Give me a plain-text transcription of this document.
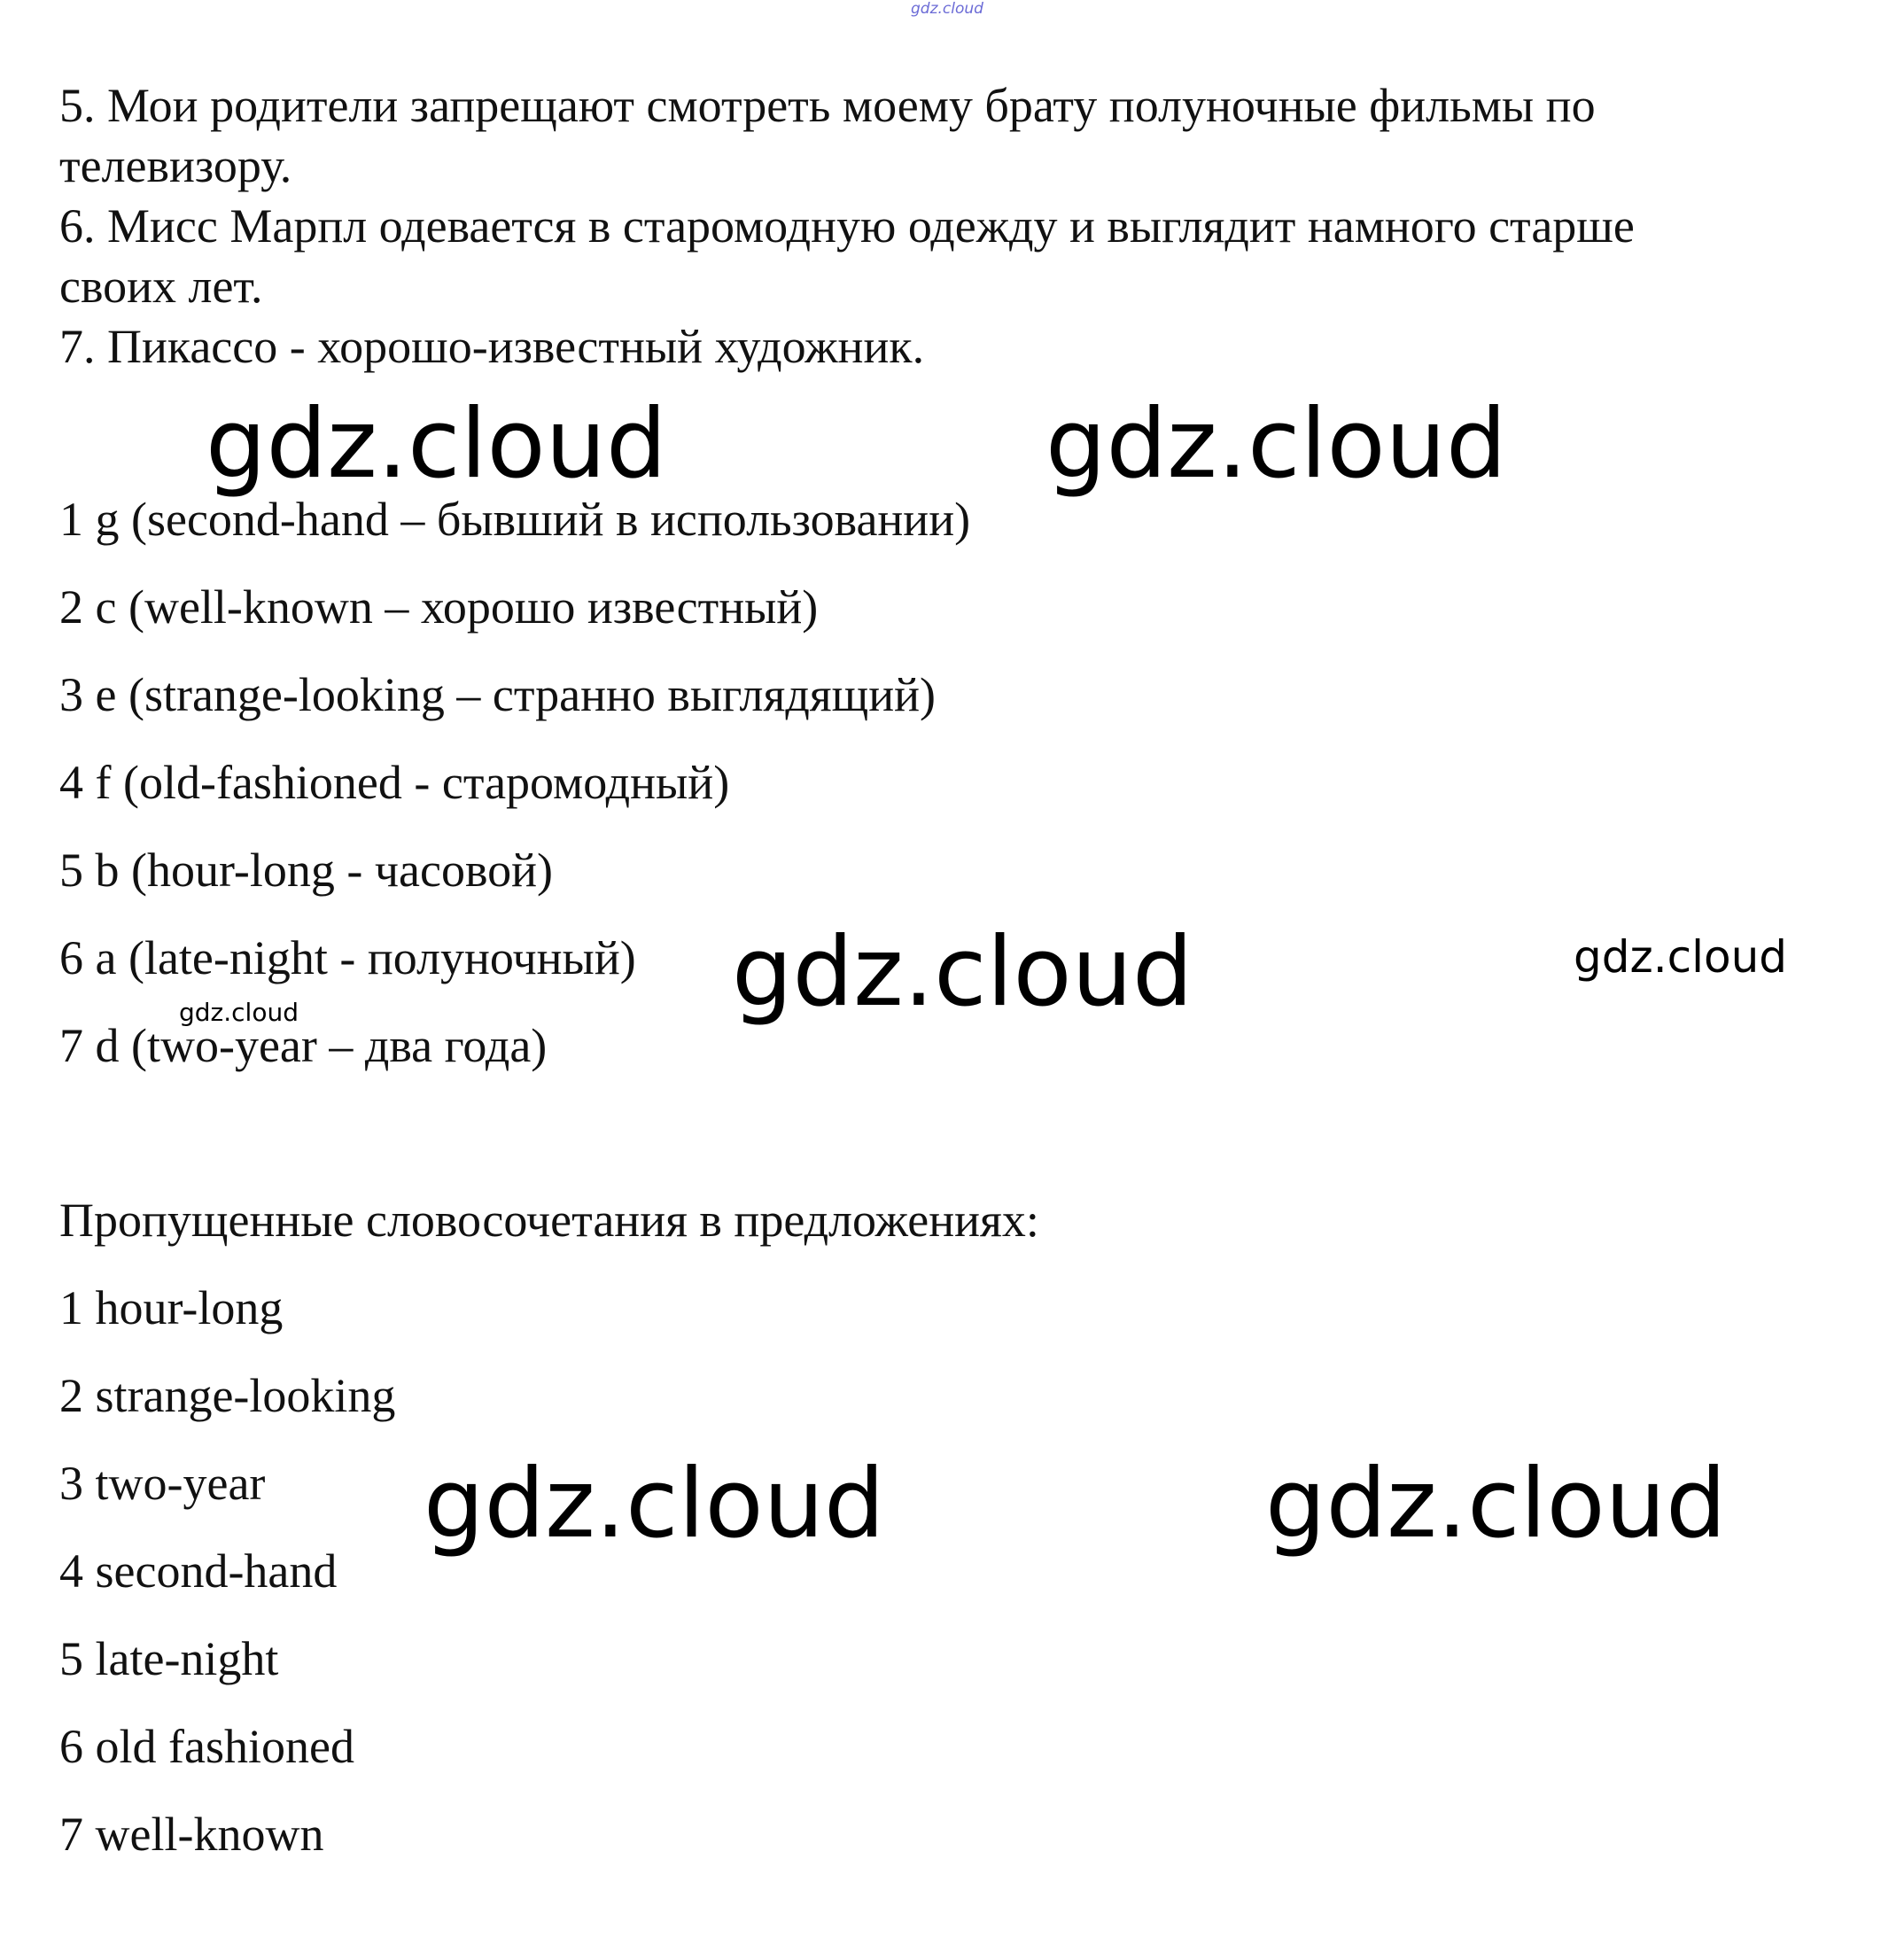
gdz.cloud
5. Мои родители запрещают смотреть моему брату полуночные фильмы по
телевизору.
6. Мисс Марпл одевается в старомодную одежду и выглядит намного старше
своих лет.
7. Пикассо - хорошо-известный художник.
gdz.cloud	gdz.cloud
1 g (second-hand – бывший в использовании)
2 c (well-known – хорошо известный)
3 e (strange-looking – странно выглядящий)
4 f (old-fashioned - старомодный)
5 b (hour-long - часовой)
6 a (late-night - полуночный)
7 d (two-year – два года)
gdz.cloud	gdz.cloud
gdz.cloud
Пропущенные словосочетания в предложениях:
1 hour-long
2 strange-looking
3 two-year
4 second-hand
5 late-night
6 old fashioned
7 well-known
gdz.cloud	gdz.cloud
